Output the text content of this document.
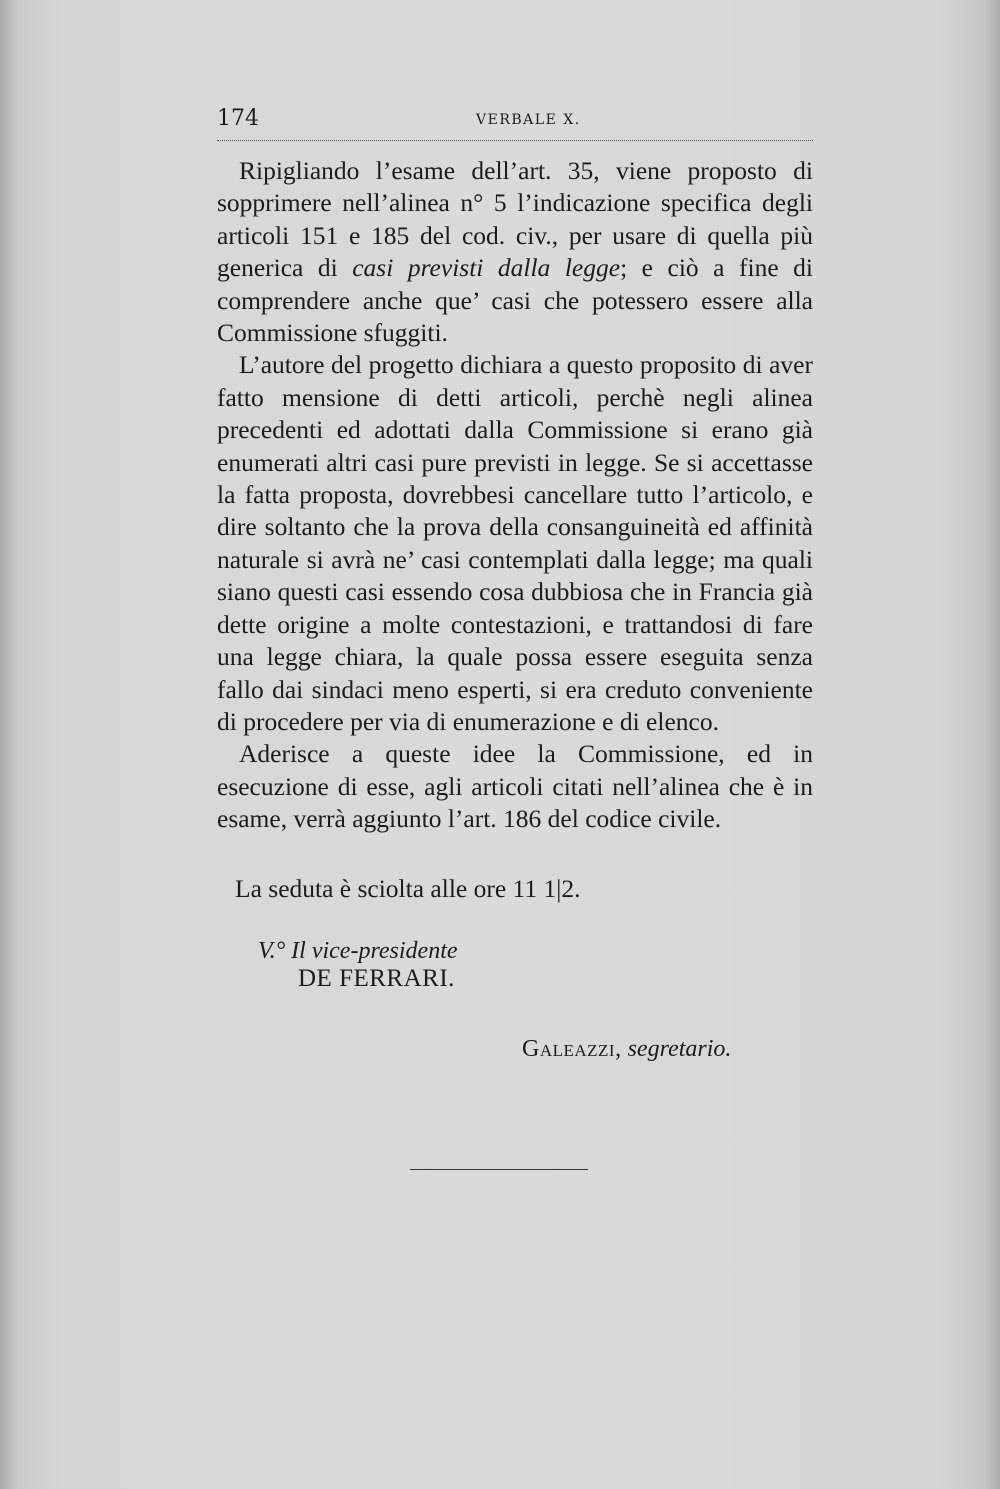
174	VERBALE X.

Ripigliando l’esame dell’art. 35, viene proposto di sopprimere nell’alinea n° 5 l’indicazione specifica degli articoli 151 e 185 del cod. civ., per usare di quella più generica di casi previsti dalla legge; e ciò a fine di comprendere anche que’ casi che potessero essere alla Commissione sfuggiti.

L’autore del progetto dichiara a questo proposito di aver fatto mensione di detti articoli, perchè negli alinea precedenti ed adottati dalla Commissione si erano già enumerati altri casi pure previsti in legge. Se si accettasse la fatta proposta, dovrebbesi cancellare tutto l’articolo, e dire soltanto che la prova della consanguineità ed affinità naturale si avrà ne’ casi contemplati dalla legge; ma quali siano questi casi essendo cosa dubbiosa che in Francia già dette origine a molte contestazioni, e trattandosi di fare una legge chiara, la quale possa essere eseguita senza fallo dai sindaci meno esperti, si era creduto conveniente di procedere per via di enumerazione e di elenco.

Aderisce a queste idee la Commissione, ed in esecuzione di esse, agli articoli citati nell’alinea che è in esame, verrà aggiunto l’art. 186 del codice civile.

La seduta è sciolta alle ore 11 1|2.
V.° Il vice-presidente
DE FERRARI.
Galeazzi, segretario.
